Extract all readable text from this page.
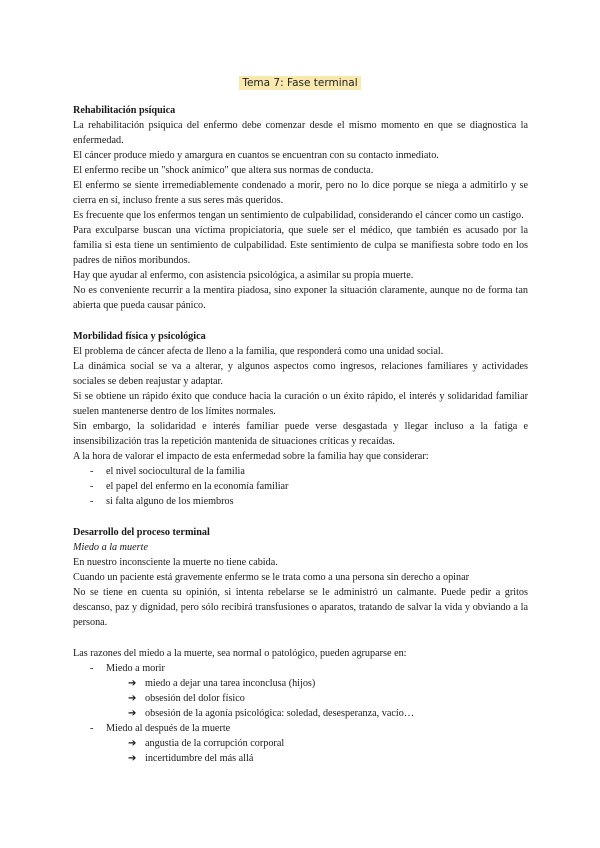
Tema 7: Fase terminal
Rehabilitación psíquica

La rehabilitación psíquica del enfermo debe comenzar desde el mismo momento en que se diagnostica la enfermedad.

El cáncer produce miedo y amargura en cuantos se encuentran con su contacto inmediato.

El enfermo recibe un "shock anímico" que altera sus normas de conducta.

El enfermo se siente irremediablemente condenado a morir, pero no lo dice porque se niega a admitirlo y se cierra en sí, incluso frente a sus seres más queridos.

Es frecuente que los enfermos tengan un sentimiento de culpabilidad, considerando el cáncer como un castigo.

Para exculparse buscan una víctima propiciatoria, que suele ser el médico, que también es acusado por la familia si esta tiene un sentimiento de culpabilidad. Este sentimiento de culpa se manifiesta sobre todo en los padres de niños moribundos.

Hay que ayudar al enfermo, con asistencia psicológica, a asimilar su propia muerte.

No es conveniente recurrir a la mentira piadosa, sino exponer la situación claramente, aunque no de forma tan abierta que pueda causar pánico.

Morbilidad física y psicológica

El problema de cáncer afecta de lleno a la familia, que responderá como una unidad social.

La dinámica social se va a alterar, y algunos aspectos como ingresos, relaciones familiares y actividades sociales se deben reajustar y adaptar.

Si se obtiene un rápido éxito que conduce hacia la curación o un éxito rápido, el interés y solidaridad familiar suelen mantenerse dentro de los límites normales.

Sin embargo, la solidaridad e interés familiar puede verse desgastada y llegar incluso a la fatiga e insensibilización tras la repetición mantenida de situaciones críticas y recaídas.

A la hora de valorar el impacto de esta enfermedad sobre la familia hay que considerar:

- el nivel sociocultural de la familia
- el papel del enfermo en la economía familiar
- si falta alguno de los miembros
Desarrollo del proceso terminal
Miedo a la muerte

En nuestro inconsciente la muerte no tiene cabida.

Cuando un paciente está gravemente enfermo se le trata como a una persona sin derecho a opinar

No se tiene en cuenta su opinión, si intenta rebelarse se le administró un calmante. Puede pedir a gritos descanso, paz y dignidad, pero sólo recibirá transfusiones o aparatos, tratando de salvar la vida y obviando a la persona.

Las razones del miedo a la muerte, sea normal o patológico, pueden agruparse en:

- Miedo a morir
➔ miedo a dejar una tarea inconclusa (hijos)
➔ obsesión del dolor físico
➔ obsesión de la agonía psicológica: soledad, desesperanza, vacío…
- Miedo al después de la muerte
➔ angustia de la corrupción corporal
➔ incertidumbre del más allá
